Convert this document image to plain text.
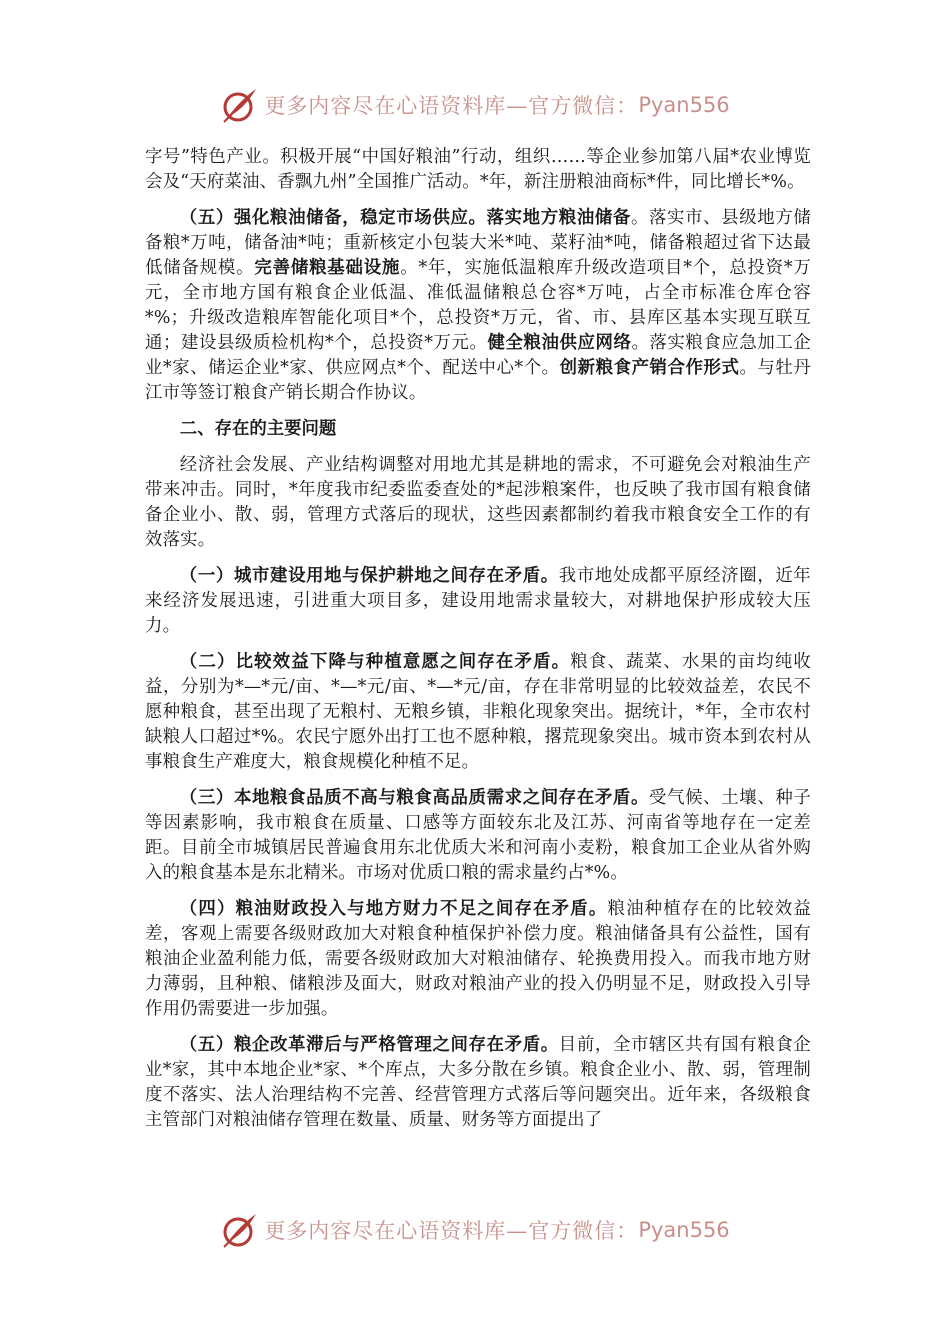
更多内容尽在心语资料库—官方微信： Pyan556

字号”特色产业。积极开展“中国好粮油”行动，组织……等企业参加第八届*农业博览会及“天府菜油、香飘九州”全国推广活动。*年，新注册粮油商标*件，同比增长*%。

（五）强化粮油储备，稳定市场供应。落实地方粮油储备。落实市、县级地方储备粮*万吨，储备油*吨；重新核定小包装大米*吨、菜籽油*吨，储备粮超过省下达最低储备规模。完善储粮基础设施。*年，实施低温粮库升级改造项目*个，总投资*万元，全市地方国有粮食企业低温、准低温储粮总仓容*万吨，占全市标准仓库仓容*%；升级改造粮库智能化项目*个，总投资*万元，省、市、县库区基本实现互联互通；建设县级质检机构*个，总投资*万元。健全粮油供应网络。落实粮食应急加工企业*家、储运企业*家、供应网点*个、配送中心*个。创新粮食产销合作形式。与牡丹江市等签订粮食产销长期合作协议。

二、存在的主要问题

经济社会发展、产业结构调整对用地尤其是耕地的需求，不可避免会对粮油生产带来冲击。同时，*年度我市纪委监委查处的*起涉粮案件，也反映了我市国有粮食储备企业小、散、弱，管理方式落后的现状，这些因素都制约着我市粮食安全工作的有效落实。

（一）城市建设用地与保护耕地之间存在矛盾。我市地处成都平原经济圈，近年来经济发展迅速，引进重大项目多，建设用地需求量较大，对耕地保护形成较大压力。

（二）比较效益下降与种植意愿之间存在矛盾。粮食、蔬菜、水果的亩均纯收益，分别为*—*元/亩、*—*元/亩、*—*元/亩，存在非常明显的比较效益差，农民不愿种粮食，甚至出现了无粮村、无粮乡镇，非粮化现象突出。据统计，*年，全市农村缺粮人口超过*%。农民宁愿外出打工也不愿种粮，撂荒现象突出。城市资本到农村从事粮食生产难度大，粮食规模化种植不足。

（三）本地粮食品质不高与粮食高品质需求之间存在矛盾。受气候、土壤、种子等因素影响，我市粮食在质量、口感等方面较东北及江苏、河南省等地存在一定差距。目前全市城镇居民普遍食用东北优质大米和河南小麦粉，粮食加工企业从省外购入的粮食基本是东北精米。市场对优质口粮的需求量约占*%。

（四）粮油财政投入与地方财力不足之间存在矛盾。粮油种植存在的比较效益差，客观上需要各级财政加大对粮食种植保护补偿力度。粮油储备具有公益性，国有粮油企业盈利能力低，需要各级财政加大对粮油储存、轮换费用投入。而我市地方财力薄弱，且种粮、储粮涉及面大，财政对粮油产业的投入仍明显不足，财政投入引导作用仍需要进一步加强。

（五）粮企改革滞后与严格管理之间存在矛盾。目前，全市辖区共有国有粮食企业*家，其中本地企业*家、*个库点，大多分散在乡镇。粮食企业小、散、弱，管理制度不落实、法人治理结构不完善、经营管理方式落后等问题突出。近年来，各级粮食主管部门对粮油储存管理在数量、质量、财务等方面提出了

更多内容尽在心语资料库—官方微信： Pyan556
